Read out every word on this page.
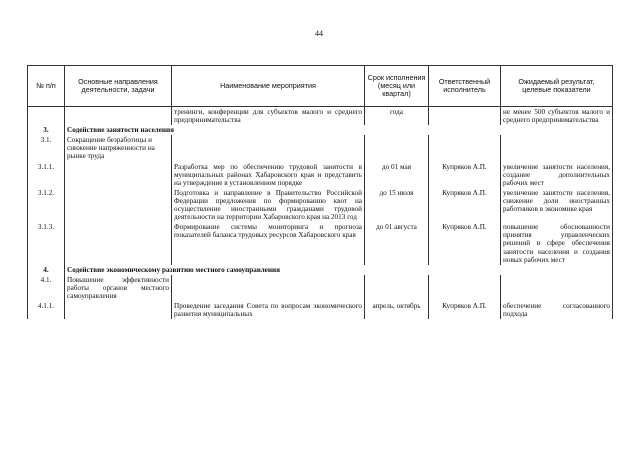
44
№ п/п	Основные направления деятельности, задачи	Наименование мероприятия	Срок исполнения (месяц или квартал)	Ответственный исполнитель	Ожидаемый результат, целевые показатели
		тренинги, конференции для субъектов малого и среднего предпринимательства	года		не менее 500 субъектов малого и среднего предпринимательства
3.	Содействие занятости населения				
3.1.	Сокращение безработицы и снижение напряженности на рынке труда				
3.1.1.		Разработка мер по обеспечению трудовой занятости в муниципальных районах Хабаровского края и представить на утверждение в установленном порядке	до 01 мая	Купряков А.П.	увеличение занятости населения, создание дополнительных рабочих мест
3.1.2.		Подготовка и направление в Правительство Российской Федерации предложения по формированию квот на осуществление иностранными гражданами трудовой деятельности на территории Хабаровского края на 2013 год	до 15 июля	Купряков А.П.	увеличение занятости населения, снижение доли иностранных работников в экономике края
3.1.3.		Формирование системы мониторинга и прогноза показателей баланса трудовых ресурсов Хабаровского края	до 01 августа	Купряков А.П.	повышение обоснованности принятия управленческих решений в сфере обеспечения занятости населения и создания новых рабочих мест
4.	Содействие экономическому развитию местного самоуправления				
4.1.	Повышение эффективности работы органов местного самоуправления				
4.1.1.		Проведение заседания Совета по вопросам экономического развития муниципальных	апрель, октябрь	Купряков А.П.	обеспечение согласованного подхода
